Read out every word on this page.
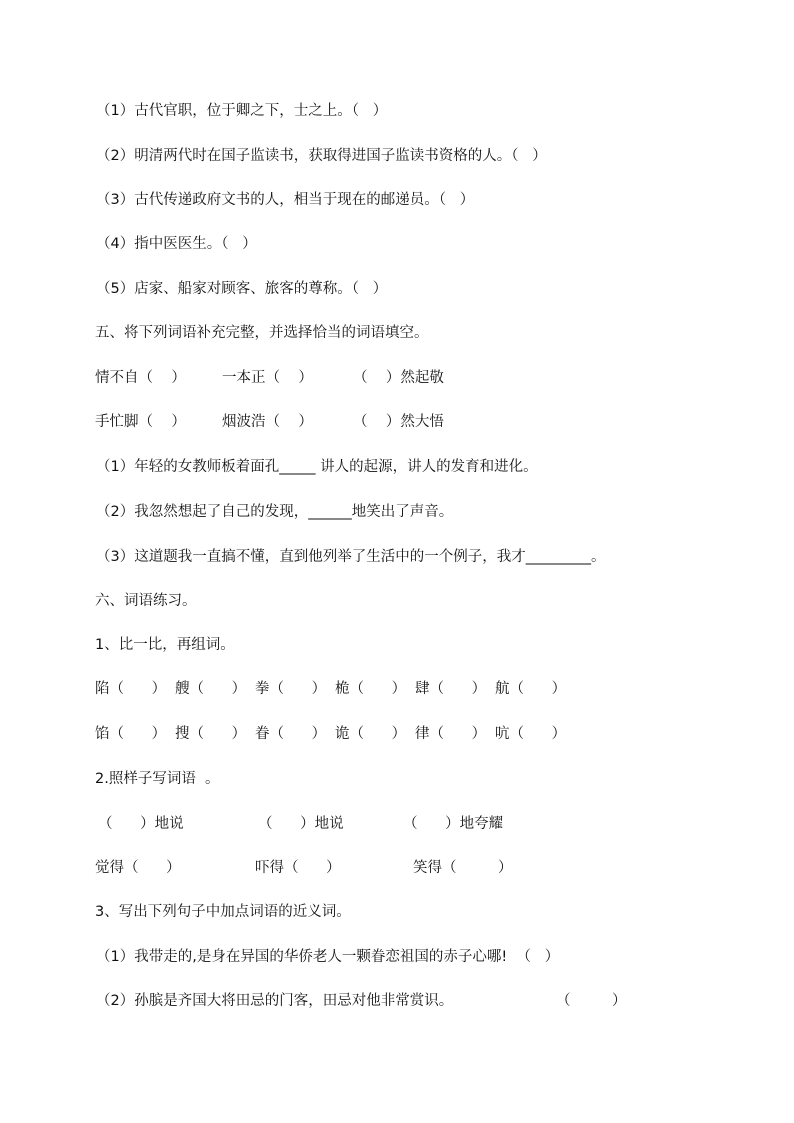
（1）古代官职，位于卿之下，士之上。（   ）
（2）明清两代时在国子监读书，获取得进国子监读书资格的人。（   ）
（3）古代传递政府文书的人，相当于现在的邮递员。（   ）
（4）指中医医生。（   ）
（5）店家、船家对顾客、旅客的尊称。（   ）
五、将下列词语补充完整，并选择恰当的词语填空。
情不自（    ） 一本正（    ）	（    ）然起敬
手忙脚（    ） 烟波浩（    ）	（    ）然大悟
（1）年轻的女教师板着面孔_____ 讲人的起源，讲人的发育和进化。
（2）我忽然想起了自己的发现，______地笑出了声音。
（3）这道题我一直搞不懂，直到他列举了生活中的一个例子，我才_________。
六、词语练习。
1、比一比，再组词。
陷（      ） 艘（      ） 拳（      ） 桅（      ） 肆（      ） 航（      ）
馅（      ） 搜（      ） 眷（      ） 诡（      ） 律（      ） 吭（      ）
2.照样子写词语  。
（      ）地说	（      ）地说	（      ）地夸耀
觉得（      ）	吓得（      ）	笑得（         ）
3、写出下列句子中加点词语的近义词。
（1）我带走的,是身在异国的华侨老人一颗眷恋祖国的赤子心哪!  （   ）
（2）孙膑是齐国大将田忌的门客，田忌对他非常赏识。	（         ）
